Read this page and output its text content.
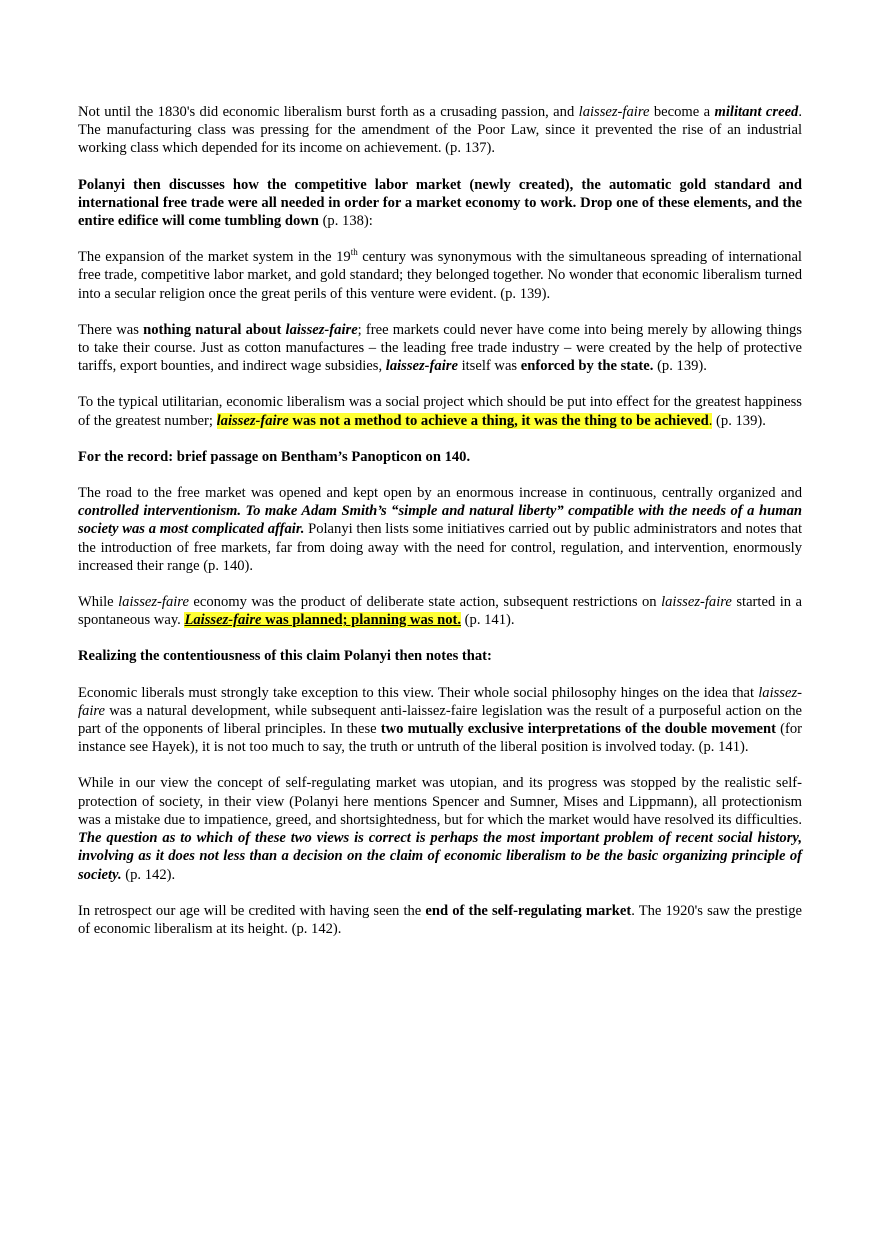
Not until the 1830's did economic liberalism burst forth as a crusading passion, and laissez-faire become a militant creed. The manufacturing class was pressing for the amendment of the Poor Law, since it prevented the rise of an industrial working class which depended for its income on achievement. (p. 137).

Polanyi then discusses how the competitive labor market (newly created), the automatic gold standard and international free trade were all needed in order for a market economy to work. Drop one of these elements, and the entire edifice will come tumbling down (p. 138):

The expansion of the market system in the 19th century was synonymous with the simultaneous spreading of international free trade, competitive labor market, and gold standard; they belonged together. No wonder that economic liberalism turned into a secular religion once the great perils of this venture were evident. (p. 139).

There was nothing natural about laissez-faire; free markets could never have come into being merely by allowing things to take their course. Just as cotton manufactures – the leading free trade industry – were created by the help of protective tariffs, export bounties, and indirect wage subsidies, laissez-faire itself was enforced by the state. (p. 139).

To the typical utilitarian, economic liberalism was a social project which should be put into effect for the greatest happiness of the greatest number; laissez-faire was not a method to achieve a thing, it was the thing to be achieved. (p. 139).

For the record: brief passage on Bentham’s Panopticon on 140.

The road to the free market was opened and kept open by an enormous increase in continuous, centrally organized and controlled interventionism. To make Adam Smith’s “simple and natural liberty” compatible with the needs of a human society was a most complicated affair. Polanyi then lists some initiatives carried out by public administrators and notes that the introduction of free markets, far from doing away with the need for control, regulation, and intervention, enormously increased their range (p. 140).

While laissez-faire economy was the product of deliberate state action, subsequent restrictions on laissez-faire started in a spontaneous way. Laissez-faire was planned; planning was not. (p. 141).

Realizing the contentiousness of this claim Polanyi then notes that:

Economic liberals must strongly take exception to this view. Their whole social philosophy hinges on the idea that laissez-faire was a natural development, while subsequent anti-laissez-faire legislation was the result of a purposeful action on the part of the opponents of liberal principles. In these two mutually exclusive interpretations of the double movement (for instance see Hayek), it is not too much to say, the truth or untruth of the liberal position is involved today. (p. 141).

While in our view the concept of self-regulating market was utopian, and its progress was stopped by the realistic self-protection of society, in their view (Polanyi here mentions Spencer and Sumner, Mises and Lippmann), all protectionism was a mistake due to impatience, greed, and shortsightedness, but for which the market would have resolved its difficulties. The question as to which of these two views is correct is perhaps the most important problem of recent social history, involving as it does not less than a decision on the claim of economic liberalism to be the basic organizing principle of society. (p. 142).

In retrospect our age will be credited with having seen the end of the self-regulating market. The 1920's saw the prestige of economic liberalism at its height. (p. 142).
